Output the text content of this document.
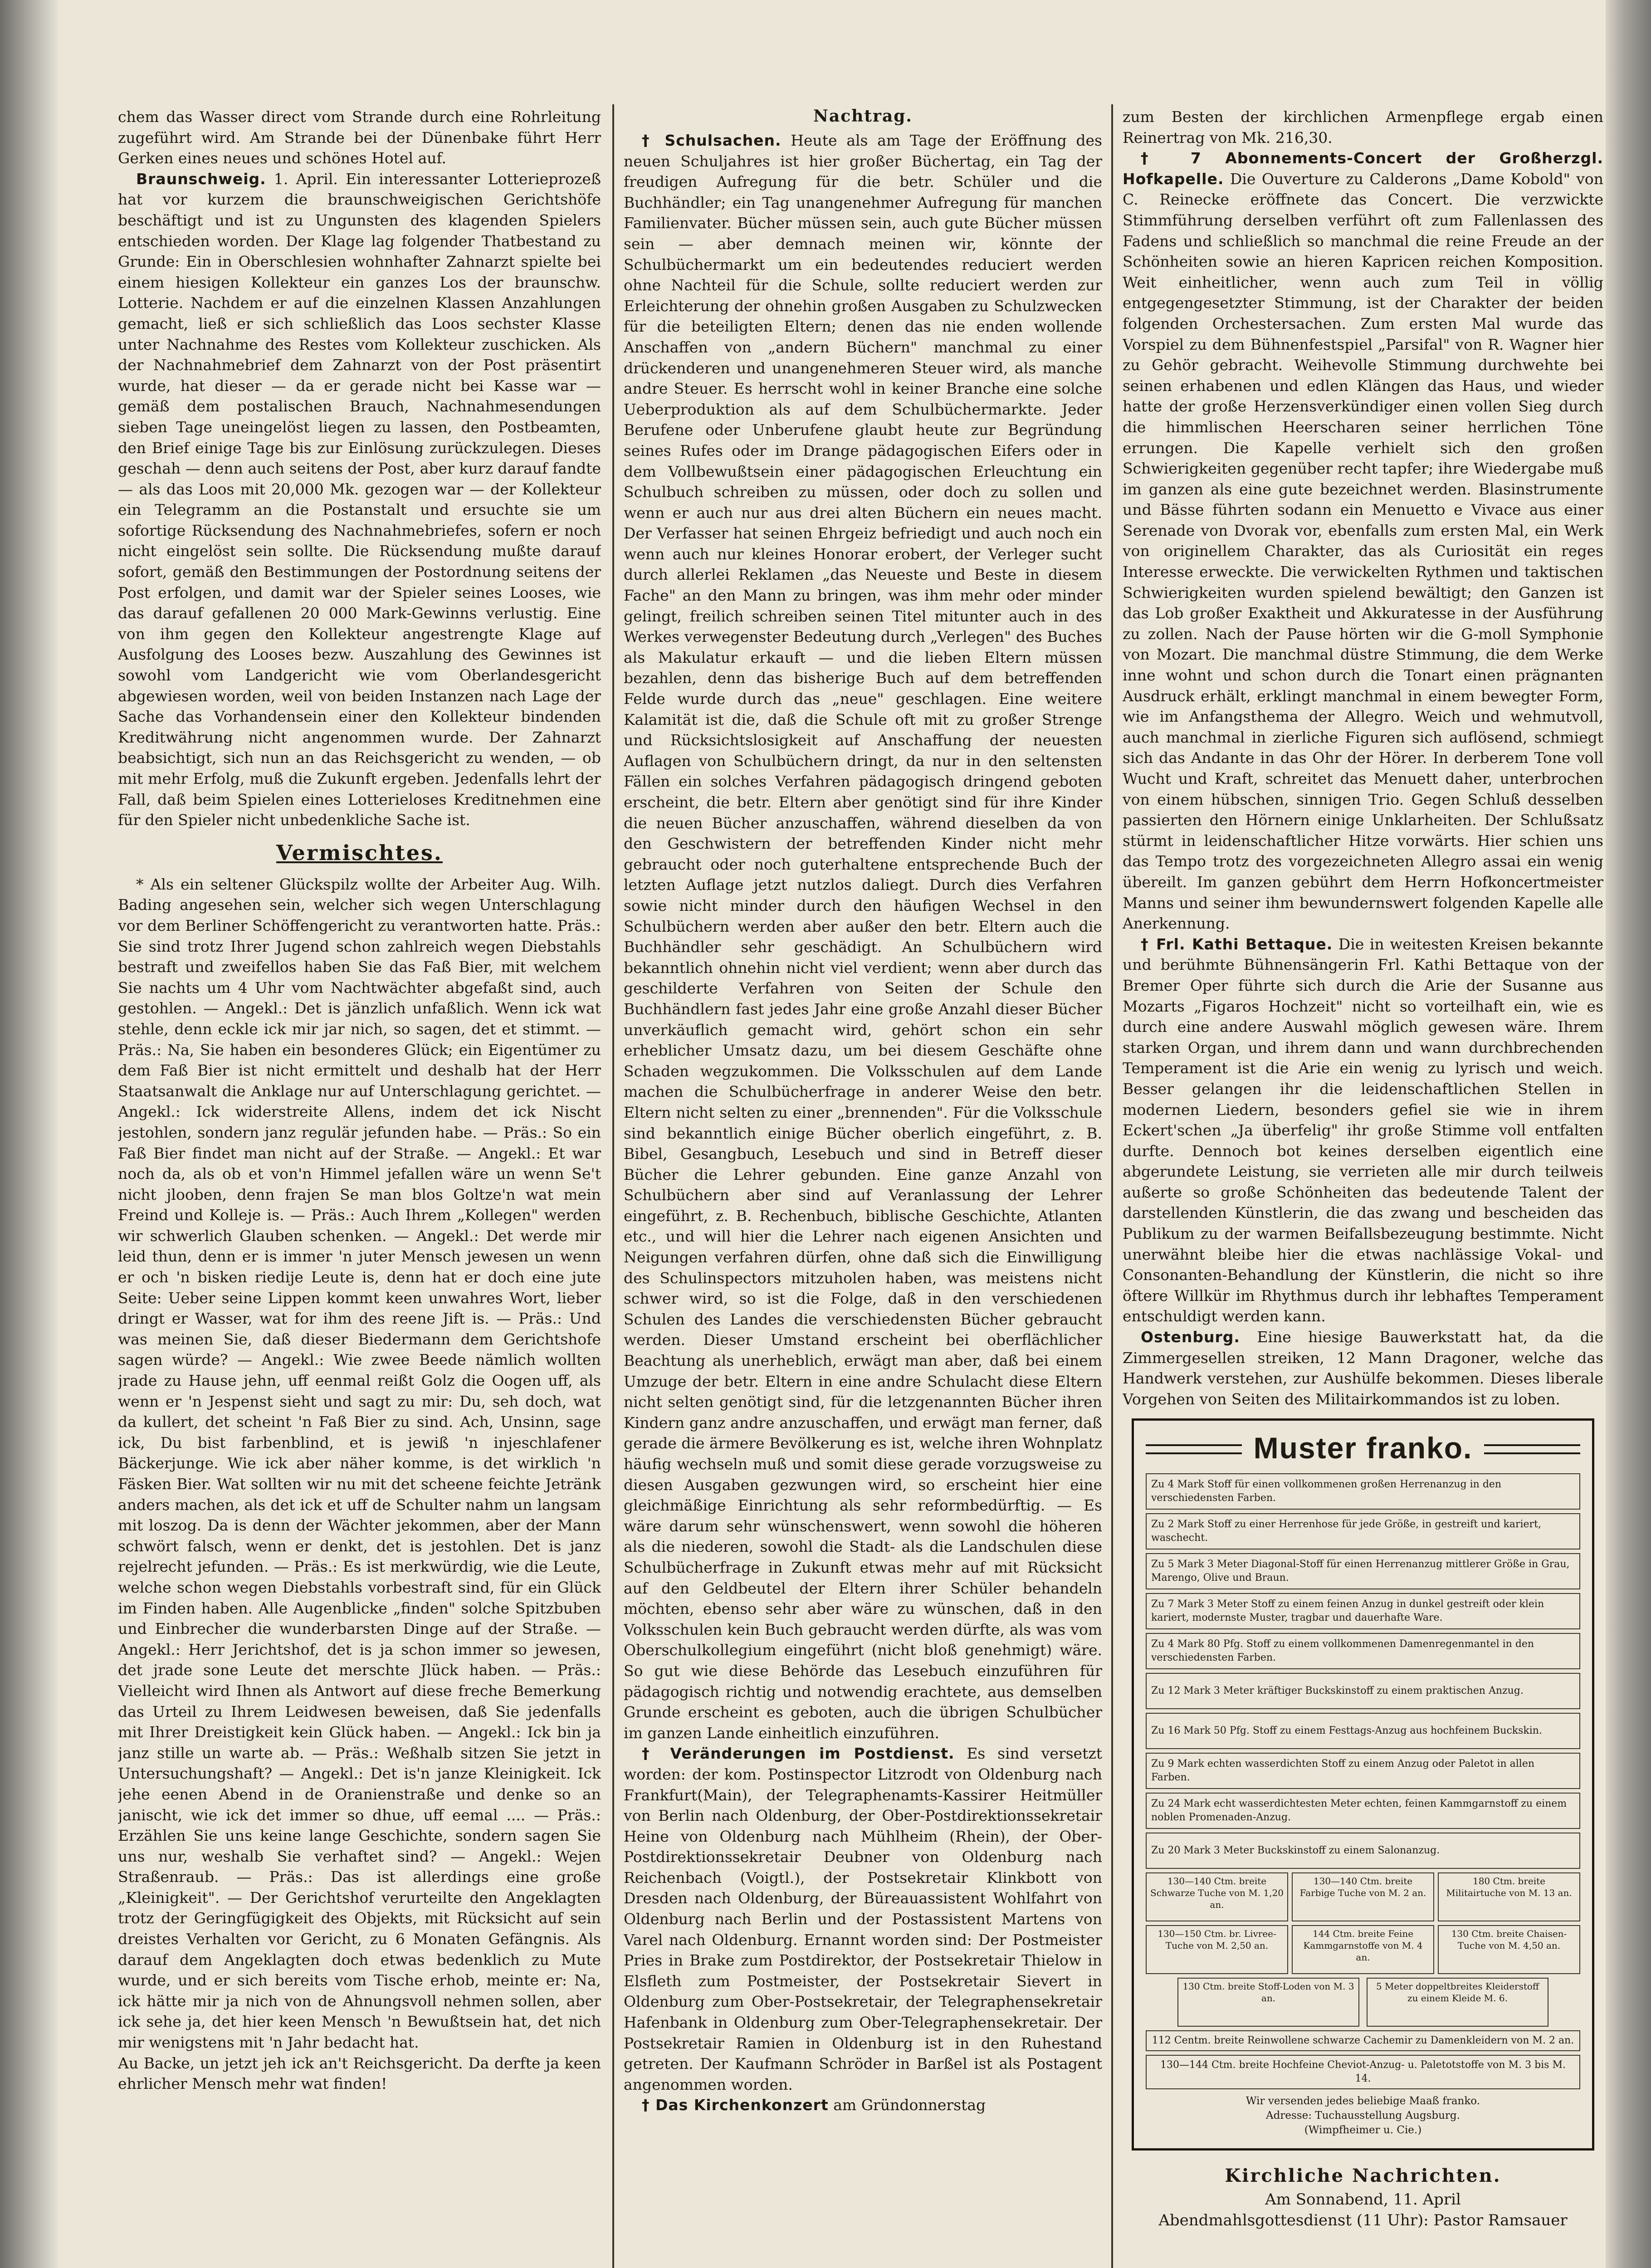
chem das Wasser direct vom Strande durch eine Rohrleitung zugeführt wird. Am Strande bei der Dünenbake führt Herr Gerken eines neues und schönes Hotel auf.

Braunschweig. 1. April. Ein interessanter Lotterieprozeß hat vor kurzem die braunschweigischen Gerichtshöfe beschäftigt und ist zu Ungunsten des klagenden Spielers entschieden worden. Der Klage lag folgender Thatbestand zu Grunde: Ein in Oberschlesien wohnhafter Zahnarzt spielte bei einem hiesigen Kollekteur ein ganzes Los der braunschw. Lotterie. Nachdem er auf die einzelnen Klassen Anzahlungen gemacht, ließ er sich schließlich das Loos sechster Klasse unter Nachnahme des Restes vom Kollekteur zuschicken. Als der Nachnahmebrief dem Zahnarzt von der Post präsentirt wurde, hat dieser — da er gerade nicht bei Kasse war — gemäß dem postalischen Brauch, Nachnahmesendungen sieben Tage uneingelöst liegen zu lassen, den Postbeamten, den Brief einige Tage bis zur Einlösung zurückzulegen. Dieses geschah — denn auch seitens der Post, aber kurz darauf fandte — als das Loos mit 20,000 Mk. gezogen war — der Kollekteur ein Telegramm an die Postanstalt und ersuchte sie um sofortige Rücksendung des Nachnahmebriefes, sofern er noch nicht eingelöst sein sollte. Die Rücksendung mußte darauf sofort, gemäß den Bestimmungen der Postordnung seitens der Post erfolgen, und damit war der Spieler seines Looses, wie das darauf gefallenen 20 000 Mark-Gewinns verlustig. Eine von ihm gegen den Kollekteur angestrengte Klage auf Ausfolgung des Looses bezw. Auszahlung des Gewinnes ist sowohl vom Landgericht wie vom Oberlandesgericht abgewiesen worden, weil von beiden Instanzen nach Lage der Sache das Vorhandensein einer den Kollekteur bindenden Kreditwährung nicht angenommen wurde. Der Zahnarzt beabsichtigt, sich nun an das Reichsgericht zu wenden, — ob mit mehr Erfolg, muß die Zukunft ergeben. Jedenfalls lehrt der Fall, daß beim Spielen eines Lotterieloses Kreditnehmen eine für den Spieler nicht unbedenkliche Sache ist.

Vermischtes.

* Als ein seltener Glückspilz wollte der Arbeiter Aug. Wilh. Bading angesehen sein, welcher sich wegen Unterschlagung vor dem Berliner Schöffengericht zu verantworten hatte. Präs.: Sie sind trotz Ihrer Jugend schon zahlreich wegen Diebstahls bestraft und zweifellos haben Sie das Faß Bier, mit welchem Sie nachts um 4 Uhr vom Nachtwächter abgefaßt sind, auch gestohlen. — Angekl.: Det is jänzlich unfaßlich. Wenn ick wat stehle, denn eckle ick mir jar nich, so sagen, det et stimmt. — Präs.: Na, Sie haben ein besonderes Glück; ein Eigentümer zu dem Faß Bier ist nicht ermittelt und deshalb hat der Herr Staatsanwalt die Anklage nur auf Unterschlagung gerichtet. — Angekl.: Ick widerstreite Allens, indem det ick Nischt jestohlen, sondern janz regulär jefunden habe. — Präs.: So ein Faß Bier findet man nicht auf der Straße. — Angekl.: Et war noch da, als ob et von'n Himmel jefallen wäre un wenn Se't nicht jlooben, denn frajen Se man blos Goltze'n wat mein Freind und Kolleje is. — Präs.: Auch Ihrem „Kollegen" werden wir schwerlich Glauben schenken. — Angekl.: Det werde mir leid thun, denn er is immer 'n juter Mensch jewesen un wenn er och 'n bisken riedije Leute is, denn hat er doch eine jute Seite: Ueber seine Lippen kommt keen unwahres Wort, lieber dringt er Wasser, wat for ihm des reene Jift is. — Präs.: Und was meinen Sie, daß dieser Biedermann dem Gerichtshofe sagen würde? — Angekl.: Wie zwee Beede nämlich wollten jrade zu Hause jehn, uff eenmal reißt Golz die Oogen uff, als wenn er 'n Jespenst sieht und sagt zu mir: Du, seh doch, wat da kullert, det scheint 'n Faß Bier zu sind. Ach, Unsinn, sage ick, Du bist farbenblind, et is jewiß 'n injeschlafener Bäckerjunge. Wie ick aber näher komme, is det wirklich 'n Fäsken Bier. Wat sollten wir nu mit det scheene feichte Jetränk anders machen, als det ick et uff de Schulter nahm un langsam mit loszog. Da is denn der Wächter jekommen, aber der Mann schwört falsch, wenn er denkt, det is jestohlen. Det is janz rejelrecht jefunden. — Präs.: Es ist merkwürdig, wie die Leute, welche schon wegen Diebstahls vorbestraft sind, für ein Glück im Finden haben. Alle Augenblicke „finden" solche Spitzbuben und Einbrecher die wunderbarsten Dinge auf der Straße. — Angekl.: Herr Jerichtshof, det is ja schon immer so jewesen, det jrade sone Leute det merschte Jlück haben. — Präs.: Vielleicht wird Ihnen als Antwort auf diese freche Bemerkung das Urteil zu Ihrem Leidwesen beweisen, daß Sie jedenfalls mit Ihrer Dreistigkeit kein Glück haben. — Angekl.: Ick bin ja janz stille un warte ab. — Präs.: Weßhalb sitzen Sie jetzt in Untersuchungshaft? — Angekl.: Det is'n janze Kleinigkeit. Ick jehe eenen Abend in de Oranienstraße und denke so an janischt, wie ick det immer so dhue, uff eemal .... — Präs.: Erzählen Sie uns keine lange Geschichte, sondern sagen Sie uns nur, weshalb Sie verhaftet sind? — Angekl.: Wejen Straßenraub. — Präs.: Das ist allerdings eine große „Kleinigkeit". — Der Gerichtshof verurteilte den Angeklagten trotz der Geringfügigkeit des Objekts, mit Rücksicht auf sein dreistes Verhalten vor Gericht, zu 6 Monaten Gefängnis. Als darauf dem Angeklagten doch etwas bedenklich zu Mute wurde, und er sich bereits vom Tische erhob, meinte er: Na, ick hätte mir ja nich von de Ahnungsvoll nehmen sollen, aber ick sehe ja, det hier keen Mensch 'n Bewußtsein hat, det nich mir wenigstens mit 'n Jahr bedacht hat.

Au Backe, un jetzt jeh ick an't Reichsgericht. Da derfte ja keen ehrlicher Mensch mehr wat finden!

Nachtrag.

† Schulsachen. Heute als am Tage der Eröffnung des neuen Schuljahres ist hier großer Büchertag, ein Tag der freudigen Aufregung für die betr. Schüler und die Buchhändler; ein Tag unangenehmer Aufregung für manchen Familienvater. Bücher müssen sein, auch gute Bücher müssen sein — aber demnach meinen wir, könnte der Schulbüchermarkt um ein bedeutendes reduciert werden ohne Nachteil für die Schule, sollte reduciert werden zur Erleichterung der ohnehin großen Ausgaben zu Schulzwecken für die beteiligten Eltern; denen das nie enden wollende Anschaffen von „andern Büchern" manchmal zu einer drückenderen und unangenehmeren Steuer wird, als manche andre Steuer. Es herrscht wohl in keiner Branche eine solche Ueberproduktion als auf dem Schulbüchermarkte. Jeder Berufene oder Unberufene glaubt heute zur Begründung seines Rufes oder im Drange pädagogischen Eifers oder in dem Vollbewußtsein einer pädagogischen Erleuchtung ein Schulbuch schreiben zu müssen, oder doch zu sollen und wenn er auch nur aus drei alten Büchern ein neues macht. Der Verfasser hat seinen Ehrgeiz befriedigt und auch noch ein wenn auch nur kleines Honorar erobert, der Verleger sucht durch allerlei Reklamen „das Neueste und Beste in diesem Fache" an den Mann zu bringen, was ihm mehr oder minder gelingt, freilich schreiben seinen Titel mitunter auch in des Werkes verwegenster Bedeutung durch „Verlegen" des Buches als Makulatur erkauft — und die lieben Eltern müssen bezahlen, denn das bisherige Buch auf dem betreffenden Felde wurde durch das „neue" geschlagen. Eine weitere Kalamität ist die, daß die Schule oft mit zu großer Strenge und Rücksichtslosigkeit auf Anschaffung der neuesten Auflagen von Schulbüchern dringt, da nur in den seltensten Fällen ein solches Verfahren pädagogisch dringend geboten erscheint, die betr. Eltern aber genötigt sind für ihre Kinder die neuen Bücher anzuschaffen, während dieselben da von den Geschwistern der betreffenden Kinder nicht mehr gebraucht oder noch guterhaltene entsprechende Buch der letzten Auflage jetzt nutzlos daliegt. Durch dies Verfahren sowie nicht minder durch den häufigen Wechsel in den Schulbüchern werden aber außer den betr. Eltern auch die Buchhändler sehr geschädigt. An Schulbüchern wird bekanntlich ohnehin nicht viel verdient; wenn aber durch das geschilderte Verfahren von Seiten der Schule den Buchhändlern fast jedes Jahr eine große Anzahl dieser Bücher unverkäuflich gemacht wird, gehört schon ein sehr erheblicher Umsatz dazu, um bei diesem Geschäfte ohne Schaden wegzukommen. Die Volksschulen auf dem Lande machen die Schulbücherfrage in anderer Weise den betr. Eltern nicht selten zu einer „brennenden". Für die Volksschule sind bekanntlich einige Bücher oberlich eingeführt, z. B. Bibel, Gesangbuch, Lesebuch und sind in Betreff dieser Bücher die Lehrer gebunden. Eine ganze Anzahl von Schulbüchern aber sind auf Veranlassung der Lehrer eingeführt, z. B. Rechenbuch, biblische Geschichte, Atlanten etc., und will hier die Lehrer nach eigenen Ansichten und Neigungen verfahren dürfen, ohne daß sich die Einwilligung des Schulinspectors mitzuholen haben, was meistens nicht schwer wird, so ist die Folge, daß in den verschiedenen Schulen des Landes die verschiedensten Bücher gebraucht werden. Dieser Umstand erscheint bei oberflächlicher Beachtung als unerheblich, erwägt man aber, daß bei einem Umzuge der betr. Eltern in eine andre Schulacht diese Eltern nicht selten genötigt sind, für die letzgenannten Bücher ihren Kindern ganz andre anzuschaffen, und erwägt man ferner, daß gerade die ärmere Bevölkerung es ist, welche ihren Wohnplatz häufig wechseln muß und somit diese gerade vorzugsweise zu diesen Ausgaben gezwungen wird, so erscheint hier eine gleichmäßige Einrichtung als sehr reformbedürftig. — Es wäre darum sehr wünschenswert, wenn sowohl die höheren als die niederen, sowohl die Stadt- als die Landschulen diese Schulbücherfrage in Zukunft etwas mehr auf mit Rücksicht auf den Geldbeutel der Eltern ihrer Schüler behandeln möchten, ebenso sehr aber wäre zu wünschen, daß in den Volksschulen kein Buch gebraucht werden dürfte, als was vom Oberschulkollegium eingeführt (nicht bloß genehmigt) wäre. So gut wie diese Behörde das Lesebuch einzuführen für pädagogisch richtig und notwendig erachtete, aus demselben Grunde erscheint es geboten, auch die übrigen Schulbücher im ganzen Lande einheitlich einzuführen.

† Veränderungen im Postdienst. Es sind versetzt worden: der kom. Postinspector Litzrodt von Oldenburg nach Frankfurt(Main), der Telegraphenamts-Kassirer Heitmüller von Berlin nach Oldenburg, der Ober-Postdirektionssekretair Heine von Oldenburg nach Mühlheim (Rhein), der Ober-Postdirektionssekretair Deubner von Oldenburg nach Reichenbach (Voigtl.), der Postsekretair Klinkbott von Dresden nach Oldenburg, der Büreauassistent Wohlfahrt von Oldenburg nach Berlin und der Postassistent Martens von Varel nach Oldenburg. Ernannt worden sind: Der Postmeister Pries in Brake zum Postdirektor, der Postsekretair Thielow in Elsfleth zum Postmeister, der Postsekretair Sievert in Oldenburg zum Ober-Postsekretair, der Telegraphensekretair Hafenbank in Oldenburg zum Ober-Telegraphensekretair. Der Postsekretair Ramien in Oldenburg ist in den Ruhestand getreten. Der Kaufmann Schröder in Barßel ist als Postagent angenommen worden.

† Das Kirchenkonzert am Gründonnerstag

zum Besten der kirchlichen Armenpflege ergab einen Reinertrag von Mk. 216,30.

† 7 Abonnements-Concert der Großherzgl. Hofkapelle. Die Ouverture zu Calderons „Dame Kobold" von C. Reinecke eröffnete das Concert. Die verzwickte Stimmführung derselben verführt oft zum Fallenlassen des Fadens und schließlich so manchmal die reine Freude an der Schönheiten sowie an hieren Kapricen reichen Komposition. Weit einheitlicher, wenn auch zum Teil in völlig entgegengesetzter Stimmung, ist der Charakter der beiden folgenden Orchestersachen. Zum ersten Mal wurde das Vorspiel zu dem Bühnenfestspiel „Parsifal" von R. Wagner hier zu Gehör gebracht. Weihevolle Stimmung durchwehte bei seinen erhabenen und edlen Klängen das Haus, und wieder hatte der große Herzensverkündiger einen vollen Sieg durch die himmlischen Heerscharen seiner herrlichen Töne errungen. Die Kapelle verhielt sich den großen Schwierigkeiten gegenüber recht tapfer; ihre Wiedergabe muß im ganzen als eine gute bezeichnet werden. Blasinstrumente und Bässe führten sodann ein Menuetto e Vivace aus einer Serenade von Dvorak vor, ebenfalls zum ersten Mal, ein Werk von originellem Charakter, das als Curiosität ein reges Interesse erweckte. Die verwickelten Rythmen und taktischen Schwierigkeiten wurden spielend bewältigt; den Ganzen ist das Lob großer Exaktheit und Akkuratesse in der Ausführung zu zollen. Nach der Pause hörten wir die G-moll Symphonie von Mozart. Die manchmal düstre Stimmung, die dem Werke inne wohnt und schon durch die Tonart einen prägnanten Ausdruck erhält, erklingt manchmal in einem bewegter Form, wie im Anfangsthema der Allegro. Weich und wehmutvoll, auch manchmal in zierliche Figuren sich auflösend, schmiegt sich das Andante in das Ohr der Hörer. In derberem Tone voll Wucht und Kraft, schreitet das Menuett daher, unterbrochen von einem hübschen, sinnigen Trio. Gegen Schluß desselben passierten den Hörnern einige Unklarheiten. Der Schlußsatz stürmt in leidenschaftlicher Hitze vorwärts. Hier schien uns das Tempo trotz des vorgezeichneten Allegro assai ein wenig übereilt. Im ganzen gebührt dem Herrn Hofkoncertmeister Manns und seiner ihm bewundernswert folgenden Kapelle alle Anerkennung.

† Frl. Kathi Bettaque. Die in weitesten Kreisen bekannte und berühmte Bühnensängerin Frl. Kathi Bettaque von der Bremer Oper führte sich durch die Arie der Susanne aus Mozarts „Figaros Hochzeit" nicht so vorteilhaft ein, wie es durch eine andere Auswahl möglich gewesen wäre. Ihrem starken Organ, und ihrem dann und wann durchbrechenden Temperament ist die Arie ein wenig zu lyrisch und weich. Besser gelangen ihr die leidenschaftlichen Stellen in modernen Liedern, besonders gefiel sie wie in ihrem Eckert'schen „Ja überfelig" ihr große Stimme voll entfalten durfte. Dennoch bot keines derselben eigentlich eine abgerundete Leistung, sie verrieten alle mir durch teilweis außerte so große Schönheiten das bedeutende Talent der darstellenden Künstlerin, die das zwang und bescheiden das Publikum zu der warmen Beifallsbezeugung bestimmte. Nicht unerwähnt bleibe hier die etwas nachlässige Vokal- und Consonanten-Behandlung der Künstlerin, die nicht so ihre öftere Willkür im Rhythmus durch ihr lebhaftes Temperament entschuldigt werden kann.

Ostenburg. Eine hiesige Bauwerkstatt hat, da die Zimmergesellen streiken, 12 Mann Dragoner, welche das Handwerk verstehen, zur Aushülfe bekommen. Dieses liberale Vorgehen von Seiten des Militairkommandos ist zu loben.

Muster franko.
Zu 4 Mark Stoff für einen vollkommenen großen Herrenanzug in den verschiedensten Farben.
Zu 2 Mark Stoff zu einer Herrenhose für jede Größe, in gestreift und kariert, waschecht.
Zu 5 Mark 3 Meter Diagonal-Stoff für einen Herrenanzug mittlerer Größe in Grau, Marengo, Olive und Braun.
Zu 7 Mark 3 Meter Stoff zu einem feinen Anzug in dunkel gestreift oder klein kariert, modernste Muster, tragbar und dauerhafte Ware.
Zu 4 Mark 80 Pfg. Stoff zu einem vollkommenen Damenregenmantel in den verschiedensten Farben.
Zu 12 Mark 3 Meter kräftiger Buckskinstoff zu einem praktischen Anzug.
Zu 16 Mark 50 Pfg. Stoff zu einem Festtags-Anzug aus hochfeinem Buckskin.
Zu 9 Mark echten wasserdichten Stoff zu einem Anzug oder Paletot in allen Farben.
Zu 24 Mark echt wasserdichtesten Meter echten, feinen Kammgarnstoff zu einem noblen Promenaden-Anzug.
Zu 20 Mark 3 Meter Buckskinstoff zu einem Salonanzug.
130—140 Ctm. breite Schwarze Tuche von M. 1,20 an.
130—140 Ctm. breite Farbige Tuche von M. 2 an.
180 Ctm. breite Militairtuche von M. 13 an.
130—150 Ctm. br. Livree-Tuche von M. 2,50 an.
144 Ctm. breite Feine Kammgarnstoffe von M. 4 an.
130 Ctm. breite Chaisen-Tuche von M. 4,50 an.
130 Ctm. breite Stoff-Loden von M. 3 an.
5 Meter doppeltbreites Kleiderstoff zu einem Kleide M. 6.
112 Centm. breite Reinwollene schwarze Cachemir zu Damenkleidern von M. 2 an.
130—144 Ctm. breite Hochfeine Cheviot-Anzug- u. Paletotstoffe von M. 3 bis M. 14.
Wir versenden jedes beliebige Maaß franko.
Adresse: Tuchausstellung Augsburg.
(Wimpfheimer u. Cie.)
Kirchliche Nachrichten.
Am Sonnabend, 11. April
Abendmahlsgottesdienst (11 Uhr): Pastor Ramsauer
